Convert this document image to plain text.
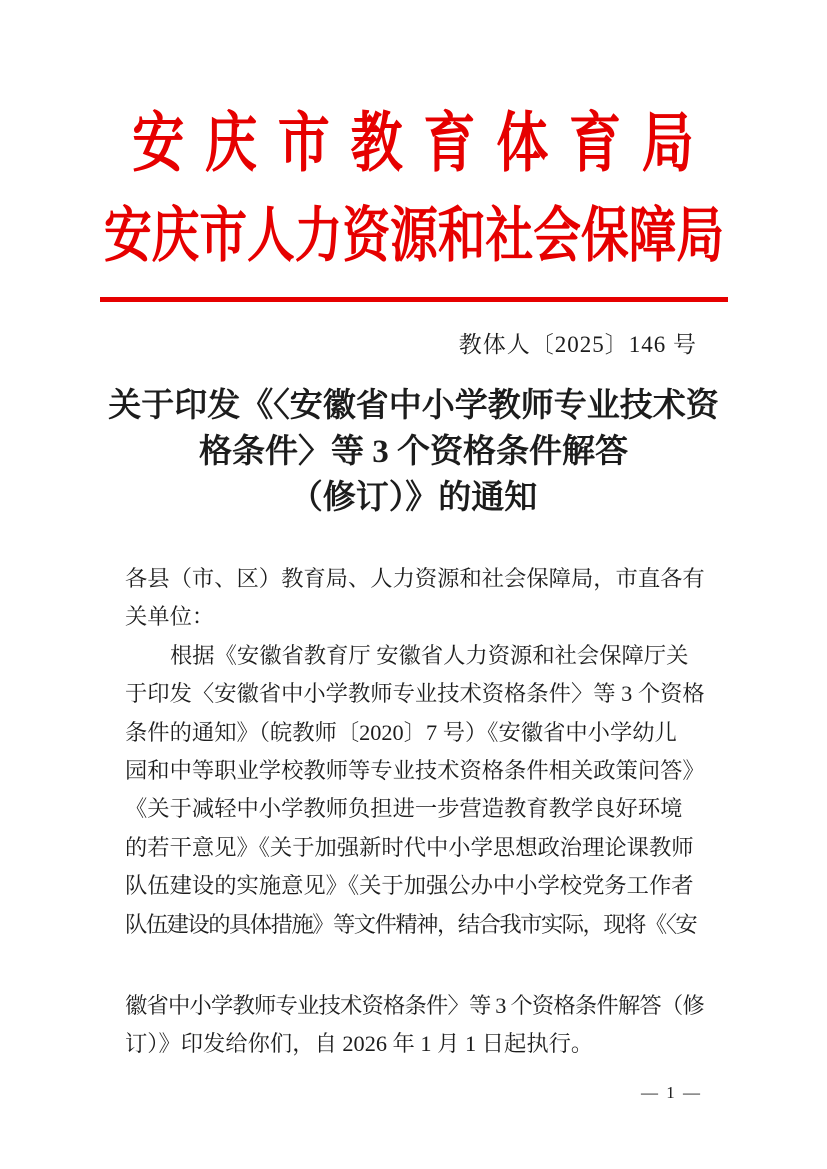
安庆市教育体育局
安庆市人力资源和社会保障局
教体人〔2025〕146 号
关于印发《〈安徽省中小学教师专业技术资
格条件〉等 3 个资格条件解答
（修订）》的通知
各县（市、区）教育局、人力资源和社会保障局，市直各有
关单位：
根据《安徽省教育厅 安徽省人力资源和社会保障厅关
于印发〈安徽省中小学教师专业技术资格条件〉等 3 个资格
条件的通知》（皖教师〔2020〕7 号）《安徽省中小学幼儿
园和中等职业学校教师等专业技术资格条件相关政策问答》
《关于减轻中小学教师负担进一步营造教育教学良好环境
的若干意见》《关于加强新时代中小学思想政治理论课教师
队伍建设的实施意见》《关于加强公办中小学校党务工作者
队伍建设的具体措施》等文件精神，结合我市实际，现将《〈安
徽省中小学教师专业技术资格条件〉等 3 个资格条件解答（修
订）》印发给你们，自 2026 年 1 月 1 日起执行。
— 1 —
